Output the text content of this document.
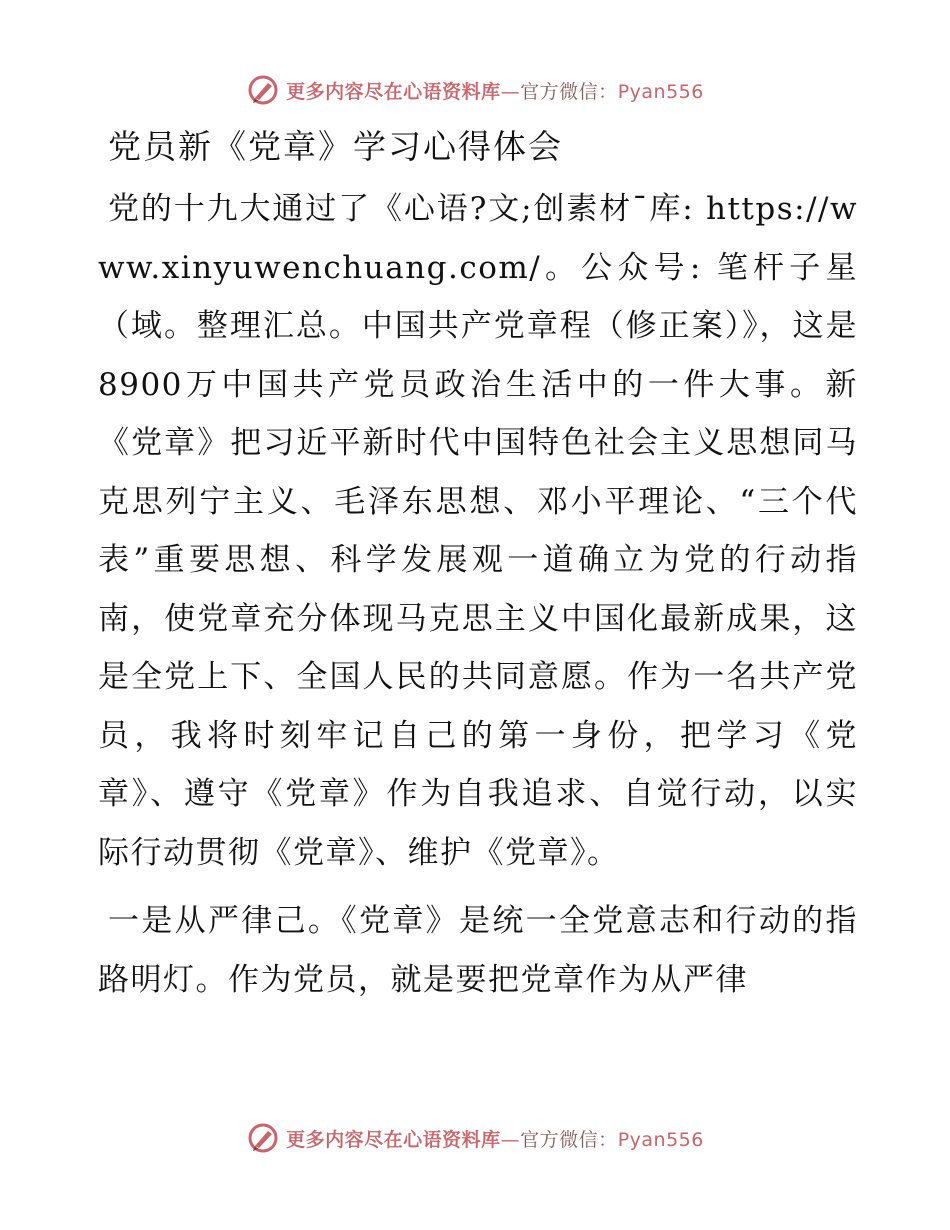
更多内容尽在心语资料库—官方微信：Pyan556
党员新《党章》学习心得体会

党的十九大通过了《心语?文;创素材¯库: https://www.xinyuwenchuang.com/。公众号: 笔杆子星（域。整理汇总。中国共产党章程（修正案）》，这是8900万中国共产党员政治生活中的一件大事。新《党章》把习近平新时代中国特色社会主义思想同马克思列宁主义、毛泽东思想、邓小平理论、“三个代表”重要思想、科学发展观一道确立为党的行动指南，使党章充分体现马克思主义中国化最新成果，这是全党上下、全国人民的共同意愿。作为一名共产党员，我将时刻牢记自己的第一身份，把学习《党章》、遵守《党章》作为自我追求、自觉行动，以实际行动贯彻《党章》、维护《党章》。

一是从严律己。《党章》是统一全党意志和行动的指路明灯。作为党员，就是要把党章作为从严律

更多内容尽在心语资料库—官方微信：Pyan556
